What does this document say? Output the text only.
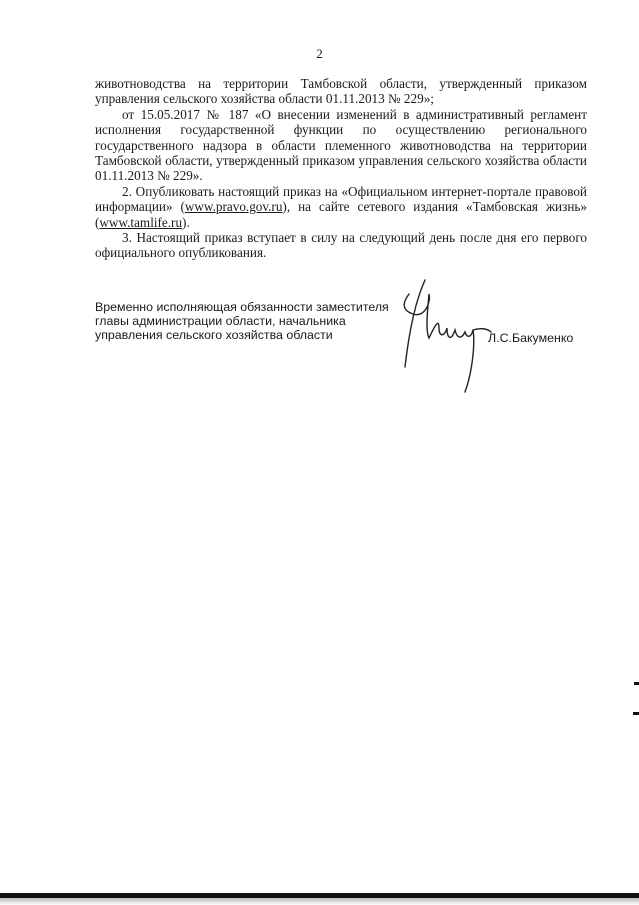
2

животноводства на территории Тамбовской области, утвержденный приказом управления сельского хозяйства области 01.11.2013 № 229»;

от 15.05.2017 № 187 «О внесении изменений в административный регламент исполнения государственной функции по осуществлению регионального государственного надзора в области племенного животноводства на территории Тамбовской области, утвержденный приказом управления сельского хозяйства области 01.11.2013 № 229».

2. Опубликовать настоящий приказ на «Официальном интернет-портале правовой информации» (www.pravo.gov.ru), на сайте сетевого издания «Тамбовская жизнь» (www.tamlife.ru).

3. Настоящий приказ вступает в силу на следующий день после дня его первого официального опубликования.

Временно исполняющая обязанности заместителя
главы администрации области, начальника
управления сельского хозяйства области	Л.С.Бакуменко
